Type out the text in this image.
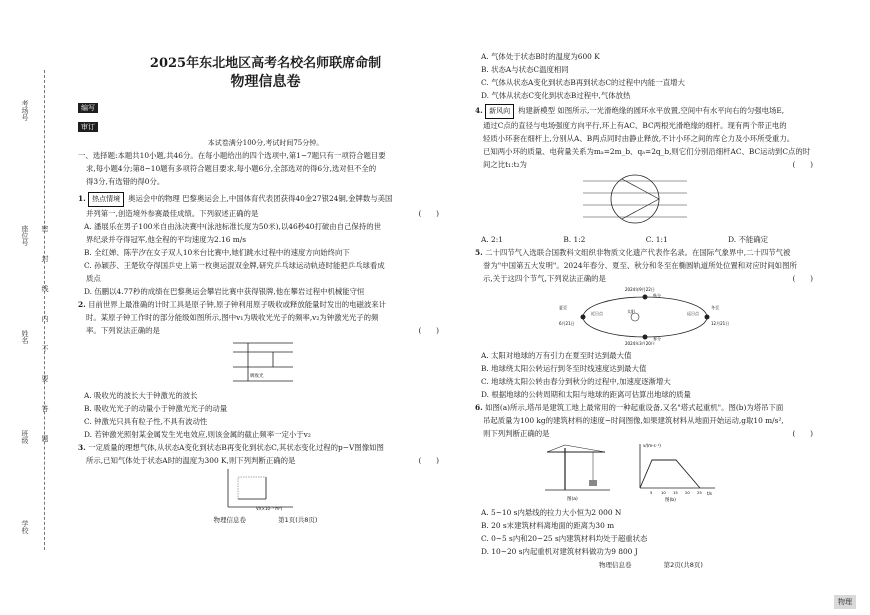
考场号
座位号
姓名
班级
学校
密
封
线
内
不
要
答
题
2025年东北地区高考名校名师联席命制
物理信息卷
编写
审订

本试卷满分100分,考试时间75分钟。

一、选择题:本题共10小题,共46分。在每小题给出的四个选项中,第1~7题只有一项符合题目要

求,每小题4分;第8~10题有多项符合题目要求,每小题6分,全部选对的得6分,选对但不全的

得3分,有选错的得0分。

1. 热点情境 奥运会中的物理 巴黎奥运会上,中国体育代表团获得40金27银24铜,金牌数与美国

并列第一,创造境外参赛最佳成绩。下列叙述正确的是	(　　)

A. 潘展乐在男子100米自由泳决赛中(泳池标准长度为50米),以46秒40打破由自己保持的世

界纪录并夺得冠军,他全程的平均速度为2.16 m/s

B. 全红婵、陈芋汐在女子双人10米台比赛中,她们跳水过程中的速度方向始终向下

C. 孙颖莎、王楚钦夺得国乒史上第一枚奥运混双金牌,研究乒乓球运动轨迹时能把乒乓球看成

质点

D. 伍鹏以4.77秒的成绩在巴黎奥运会攀岩比赛中获得银牌,他在攀岩过程中机械能守恒

2. 目前世界上最准确的计时工具是原子钟,原子钟利用原子吸收或释放能量时发出的电磁波来计

时。某原子钟工作时的部分能级如图所示,图中v₁为吸收光光子的频率,v₂为钟激光光子的频

率。下列说法正确的是	(　　)

吸收光

A. 吸收光的波长大于钟激光的波长

B. 吸收光光子的动量小于钟激光光子的动量

C. 钟激光只具有粒子性,不具有波动性

D. 若钟激光照射某金属发生光电效应,则该金属的截止频率一定小于v₂

3. 一定质量的理想气体,从状态A变化到状态B再变化到状态C,其状态变化过程的p−V图像如图

所示,已知气体处于状态A时的温度为300 K,则下列判断正确的是	(　　)

V/(×10⁻³ m³)
物理信息卷	第1页(共8页)

A. 气体处于状态B时的温度为600 K

B. 状态A与状态C温度相同

C. 气体从状态A变化到状态B再到状态C的过程中内能一直增大

D. 气体从状态C变化到状态B过程中,气体放热

4. 新风向 构建新模型 如图所示,一光滑绝缘的圆环水平放置,空间中有水平向右的匀强电场E,

通过C点的直径与电场强度方向平行,环上有AC、BC两根光滑绝缘的细杆。现有两个带正电的

轻质小环套在细杆上,分别从A、B两点同时由静止释放,不计小环之间的库仑力及小环所受重力。

已知两小环的质量、电荷量关系为mₐ=2m_b、qₐ=2q_b,则它们分别沿细杆AC、BC运动到C点的时

间之比t₁:t₂为	(　　)

A. 2:1	B. 1:2	C. 1:1	D. 不能确定

5. 二十四节气入选联合国教科文组织非物质文化遗产代表作名录。在国际气象界中,二十四节气被

誉为"中国第五大发明"。2024年春分、夏至、秋分和冬至在椭圆轨道所处位置和对应时间如图所

示,关于这四个节气,下列说法正确的是	(　　)

2024年9月22日
秋分
夏至
6月21日
冬至
12月21日
太阳
春分
2024年3月20日
近日点	远日点

A. 太阳对地球的万有引力在夏至时达到最大值

B. 地球绕太阳公转运行到冬至时线速度达到最大值

C. 地球绕太阳公转由春分到秋分的过程中,加速度逐渐增大

D. 根据地球的公转周期和太阳与地球的距离可估算出地球的质量

6. 如图(a)所示,塔吊是建筑工地上最常用的一种起重设备,又名"塔式起重机"。图(b)为塔吊下面

吊起质量为100 kg的建筑材料的速度−时间图像,如果建筑材料从地面开始运动,g取10 m/s²,

则下列判断正确的是	(　　)

图(a)
v/(m·s⁻¹)
t/s
5 10 15 20 25
图(b)

A. 5~10 s内悬线的拉力大小恒为2 000 N

B. 20 s末建筑材料离地面的距离为30 m

C. 0~5 s内和20~25 s内建筑材料均处于超重状态

D. 10~20 s内起重机对建筑材料做功为9 800 J

物理信息卷	第2页(共8页)
物理
